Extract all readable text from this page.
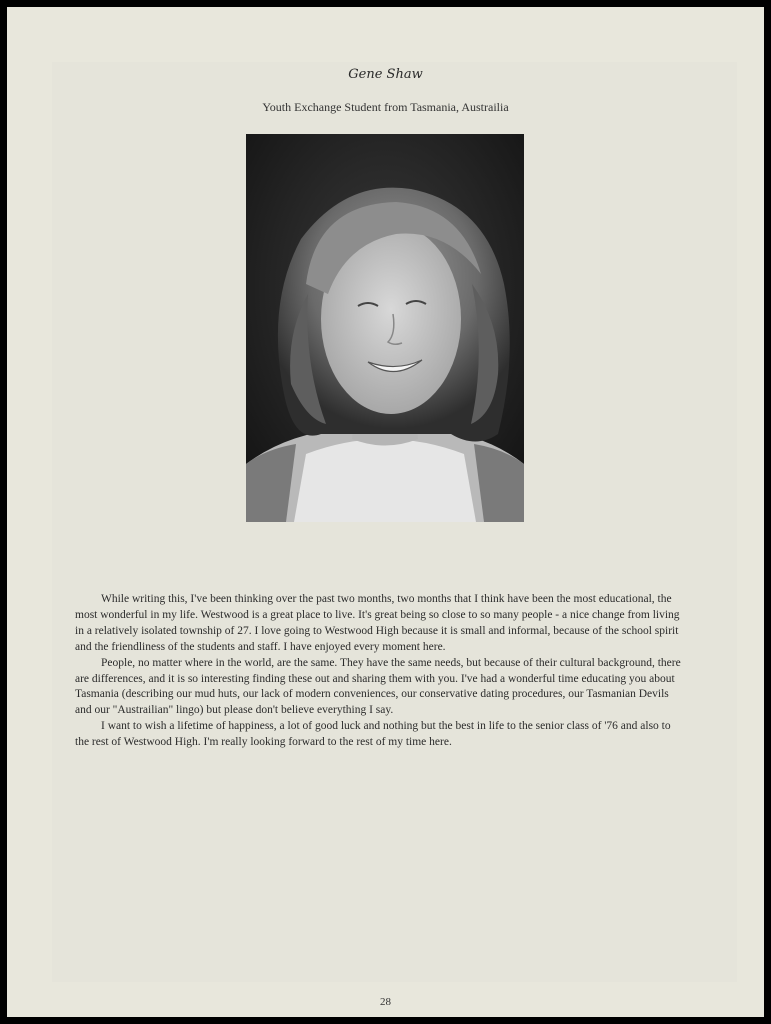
Gene Shaw
Youth Exchange Student from Tasmania, Austrailia

While writing this, I've been thinking over the past two months, two months that I think have been the most educational, the most wonderful in my life. Westwood is a great place to live. It's great being so close to so many people - a nice change from living in a relatively isolated township of 27. I love going to Westwood High because it is small and informal, because of the school spirit and the friendliness of the students and staff. I have enjoyed every moment here.

People, no matter where in the world, are the same. They have the same needs, but because of their cultural background, there are differences, and it is so interesting finding these out and sharing them with you. I've had a wonderful time educating you about Tasmania (describing our mud huts, our lack of modern conveniences, our conservative dating procedures, our Tasmanian Devils and our "Austrailian" lingo) but please don't believe everything I say.

I want to wish a lifetime of happiness, a lot of good luck and nothing but the best in life to the senior class of '76 and also to the rest of Westwood High. I'm really looking forward to the rest of my time here.

28
